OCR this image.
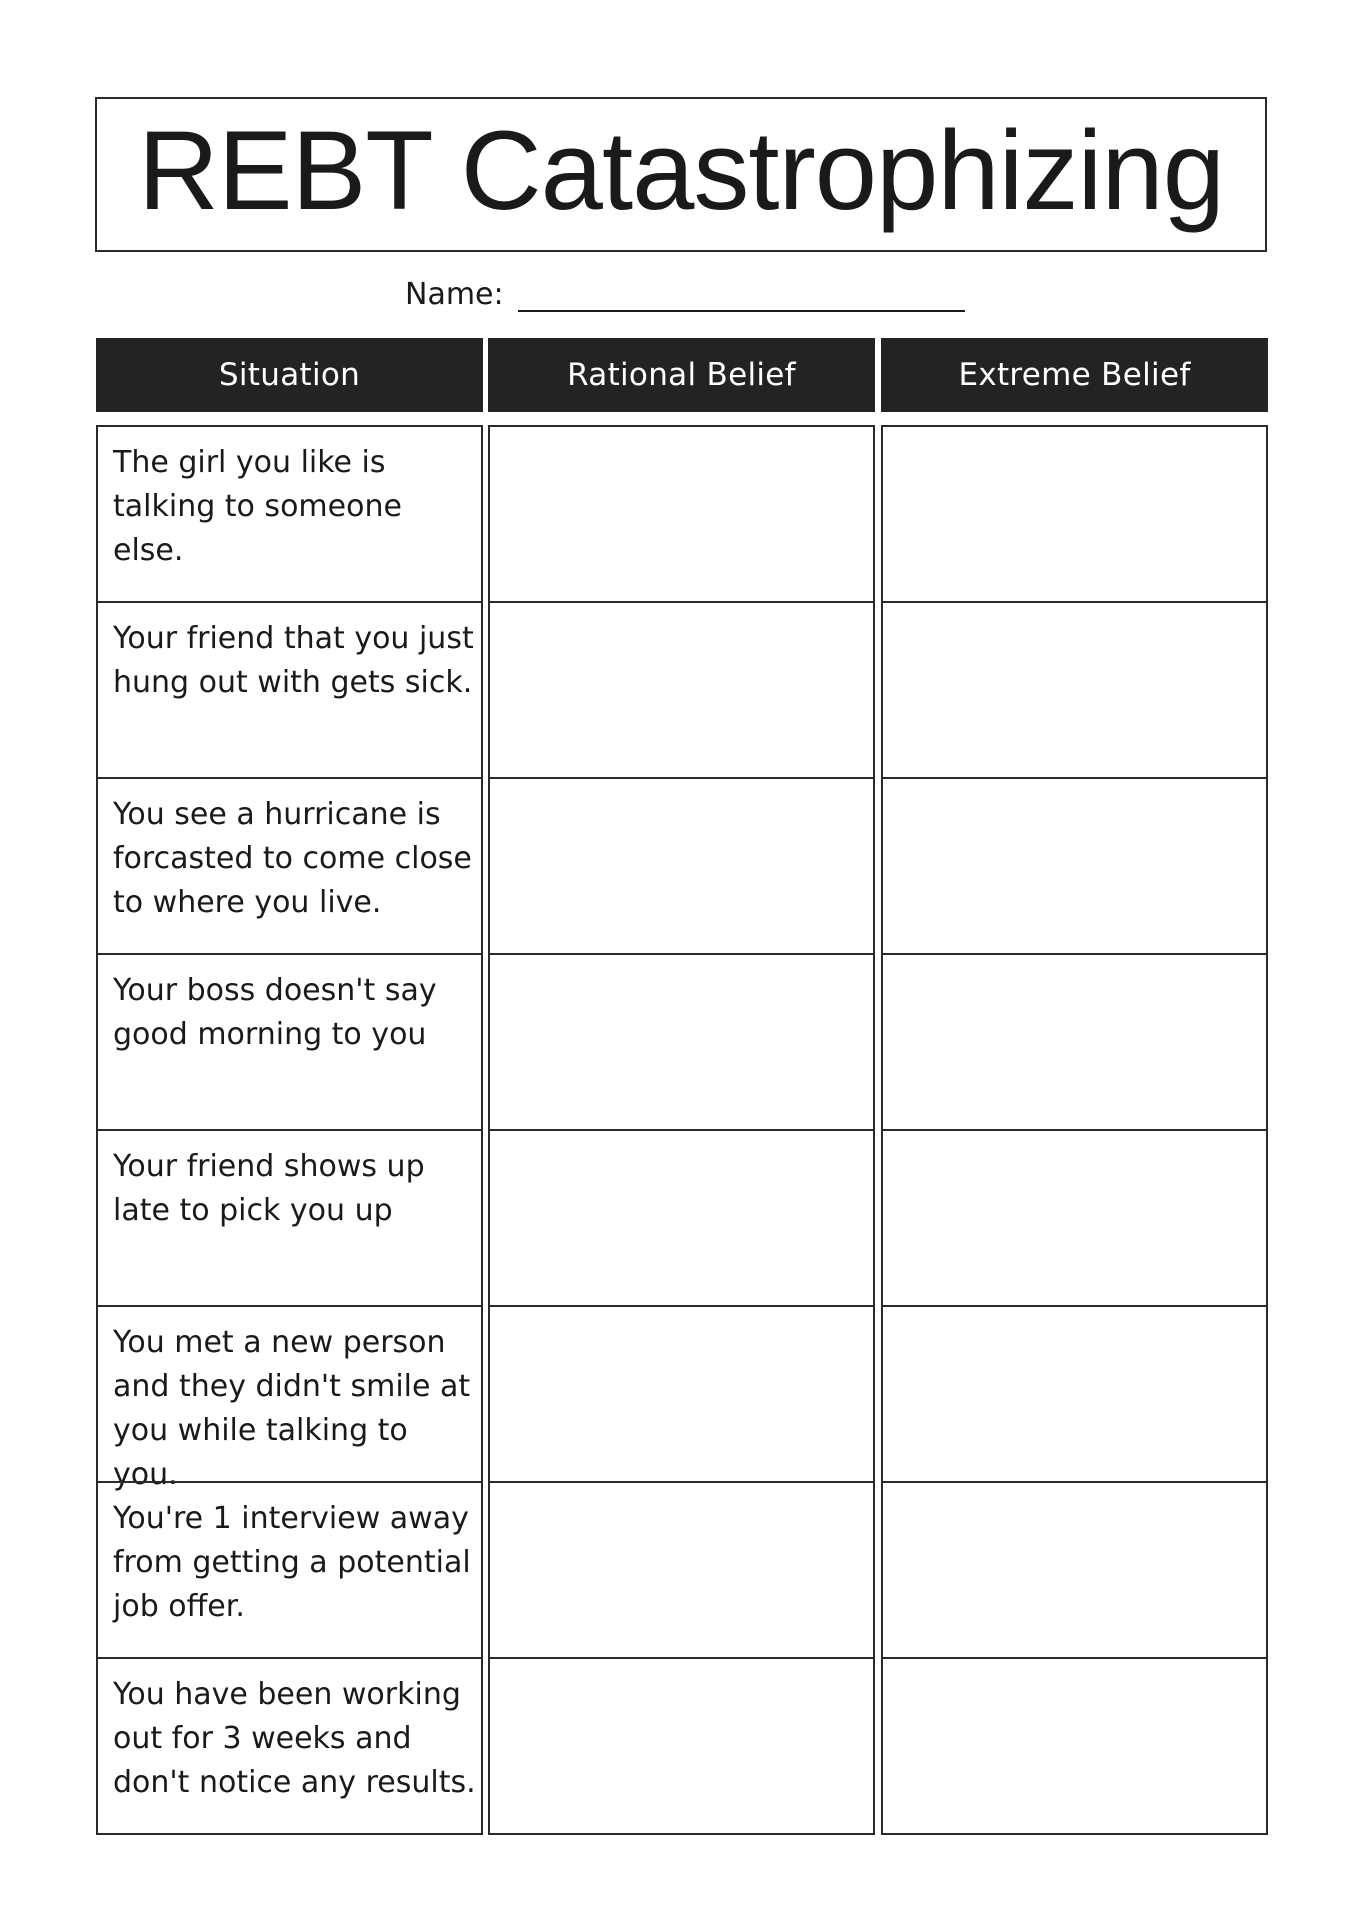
REBT Catastrophizing
Name:
Situation	Rational Belief	Extreme Belief
The girl you like is
talking to someone else.
Your friend that you just
hung out with gets sick.
You see a hurricane is
forcasted to come close
to where you live.
Your boss doesn't say
good morning to you
Your friend shows up
late to pick you up
You met a new person
and they didn't smile at
you while talking to you.
You're 1 interview away
from getting a potential
job offer.
You have been working
out for 3 weeks and
don't notice any results.
